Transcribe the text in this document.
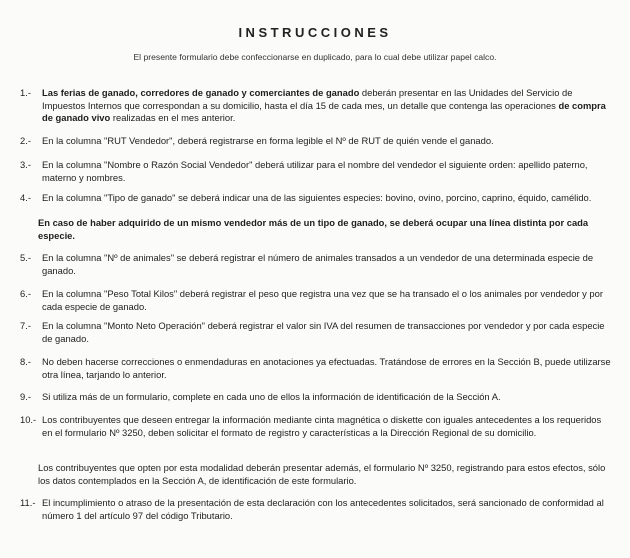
INSTRUCCIONES
El presente formulario debe confeccionarse en duplicado, para lo cual debe utilizar papel calco.
1.-	Las ferias de ganado, corredores de ganado y comerciantes de ganado deberán presentar en las Unidades del Servicio de Impuestos Internos que correspondan a su domicilio, hasta el día 15 de cada mes, un detalle que contenga las operaciones de compra de ganado vivo realizadas en el mes anterior.
2.-	En la columna "RUT Vendedor", deberá registrarse en forma legible el Nº de RUT de quién vende el ganado.
3.-	En la columna "Nombre o Razón Social Vendedor" deberá utilizar para el nombre del vendedor el siguiente orden: apellido paterno, materno y nombres.
4.-	En la columna "Tipo de ganado" se deberá indicar una de las siguientes especies: bovino, ovino, porcino, caprino, équido, camélido.
En caso de haber adquirido de un mismo vendedor más de un tipo de ganado, se deberá ocupar una línea distinta por cada especie.
5.-	En la columna "Nº de animales" se deberá registrar el número de animales transados a un vendedor de una determinada especie de ganado.
6.-	En la columna "Peso Total Kilos" deberá registrar el peso que registra una vez que se ha transado el o los animales por vendedor y por cada especie de ganado.
7.-	En la columna "Monto Neto Operación" deberá registrar el valor sin IVA del resumen de transacciones por vendedor y por cada especie de ganado.
8.-	No deben hacerse correcciones o enmendaduras en anotaciones ya efectuadas. Tratándose de errores en la Sección B, puede utilizarse otra línea, tarjando lo anterior.
9.-	Si utiliza más de un formulario, complete en cada uno de ellos la información de identificación de la Sección A.
10.- Los contribuyentes que deseen entregar la información mediante cinta magnética o diskette con iguales antecedentes a los requeridos en el formulario Nº 3250, deben solicitar el formato de registro y características a la Dirección Regional de su domicilio.
Los contribuyentes que opten por esta modalidad deberán presentar además, el formulario Nº 3250, registrando para estos efectos, sólo los datos contemplados en la Sección A, de identificación de este formulario.
11.- El incumplimiento o atraso de la presentación de esta declaración con los antecedentes solicitados, será sancionado de conformidad al número 1 del artículo 97 del código Tributario.
